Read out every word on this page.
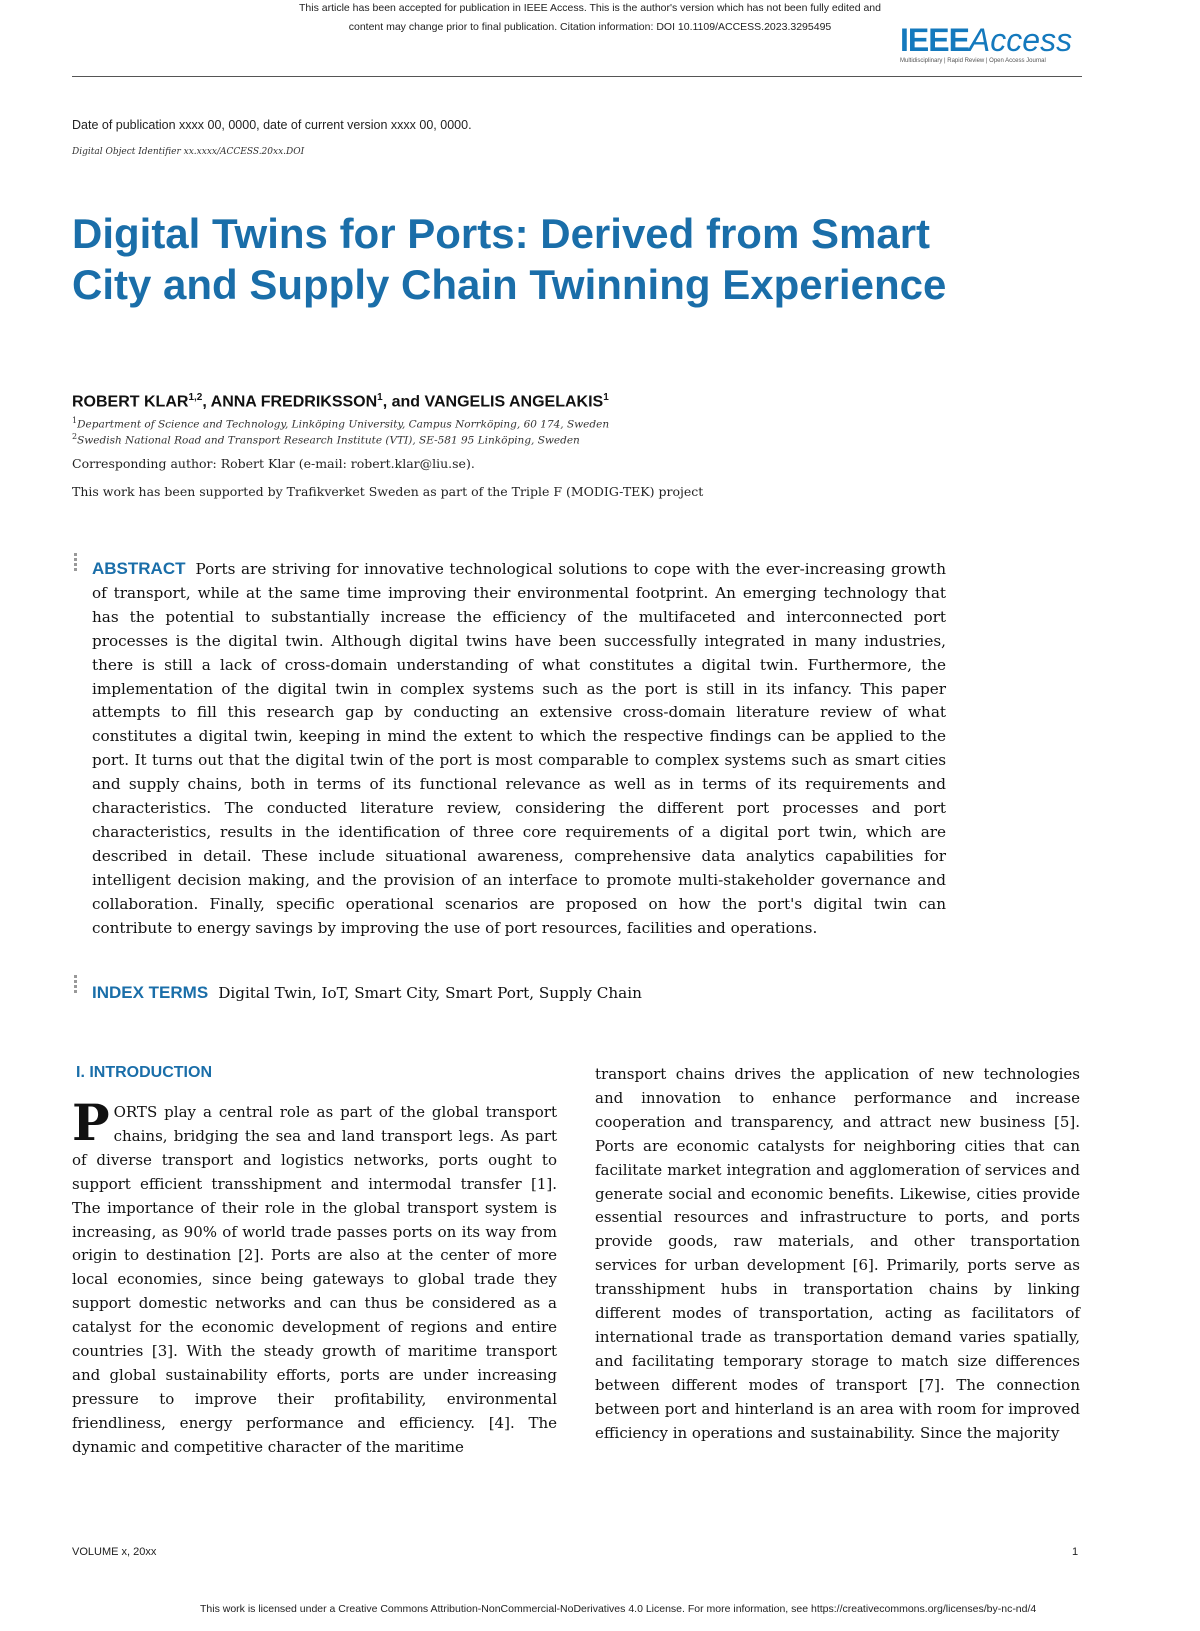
This article has been accepted for publication in IEEE Access. This is the author's version which has not been fully edited and
content may change prior to final publication. Citation information: DOI 10.1109/ACCESS.2023.3295495	IEEEAccess
Multidisciplinary | Rapid Review | Open Access Journal
Date of publication xxxx 00, 0000, date of current version xxxx 00, 0000.
Digital Object Identifier xx.xxxx/ACCESS.20xx.DOI
Digital Twins for Ports: Derived from Smart City and Supply Chain Twinning Experience
ROBERT KLAR$^{1,2}$, ANNA FREDRIKSSON$^1$, and VANGELIS ANGELAKIS$^1$
$^1$Department of Science and Technology, Linköping University, Campus Norrköping, 60 174, Sweden
$^2$Swedish National Road and Transport Research Institute (VTI), SE-581 95 Linköping, Sweden
Corresponding author: Robert Klar (e-mail: robert.klar@liu.se).
This work has been supported by Trafikverket Sweden as part of the Triple F (MODIG-TEK) project
ABSTRACT Ports are striving for innovative technological solutions to cope with the ever-increasing growth of transport, while at the same time improving their environmental footprint. An emerging technology that has the potential to substantially increase the efficiency of the multifaceted and interconnected port processes is the digital twin. Although digital twins have been successfully integrated in many industries, there is still a lack of cross-domain understanding of what constitutes a digital twin. Furthermore, the implementation of the digital twin in complex systems such as the port is still in its infancy. This paper attempts to fill this research gap by conducting an extensive cross-domain literature review of what constitutes a digital twin, keeping in mind the extent to which the respective findings can be applied to the port. It turns out that the digital twin of the port is most comparable to complex systems such as smart cities and supply chains, both in terms of its functional relevance as well as in terms of its requirements and characteristics. The conducted literature review, considering the different port processes and port characteristics, results in the identification of three core requirements of a digital port twin, which are described in detail. These include situational awareness, comprehensive data analytics capabilities for intelligent decision making, and the provision of an interface to promote multi-stakeholder governance and collaboration. Finally, specific operational scenarios are proposed on how the port's digital twin can contribute to energy savings by improving the use of port resources, facilities and operations.
INDEX TERMS Digital Twin, IoT, Smart City, Smart Port, Supply Chain
I. INTRODUCTION
PORTS play a central role as part of the global transport chains, bridging the sea and land transport legs. As part of diverse transport and logistics networks, ports ought to support efficient transshipment and intermodal transfer [1]. The importance of their role in the global transport system is increasing, as 90% of world trade passes ports on its way from origin to destination [2]. Ports are also at the center of more local economies, since being gateways to global trade they support domestic networks and can thus be considered as a catalyst for the economic development of regions and entire countries [3]. With the steady growth of maritime transport and global sustainability efforts, ports are under increasing pressure to improve their profitability, environmental friendliness, energy performance and efficiency. [4]. The dynamic and competitive character of the maritime
transport chains drives the application of new technologies and innovation to enhance performance and increase cooperation and transparency, and attract new business [5]. Ports are economic catalysts for neighboring cities that can facilitate market integration and agglomeration of services and generate social and economic benefits. Likewise, cities provide essential resources and infrastructure to ports, and ports provide goods, raw materials, and other transportation services for urban development [6]. Primarily, ports serve as transshipment hubs in transportation chains by linking different modes of transportation, acting as facilitators of international trade as transportation demand varies spatially, and facilitating temporary storage to match size differences between different modes of transport [7]. The connection between port and hinterland is an area with room for improved efficiency in operations and sustainability. Since the majority
VOLUME x, 20xx	1
This work is licensed under a Creative Commons Attribution-NonCommercial-NoDerivatives 4.0 License. For more information, see https://creativecommons.org/licenses/by-nc-nd/4
